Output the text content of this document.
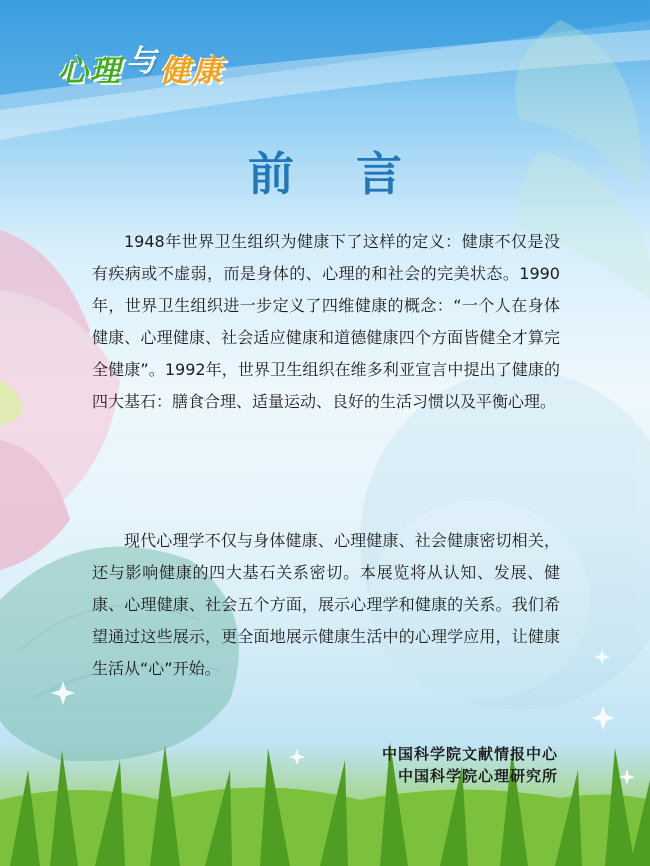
心理 与 健康
前言

1948年世界卫生组织为健康下了这样的定义：健康不仅是没有疾病或不虚弱，而是身体的、心理的和社会的完美状态。1990年，世界卫生组织进一步定义了四维健康的概念：“一个人在身体健康、心理健康、社会适应健康和道德健康四个方面皆健全才算完全健康”。1992年，世界卫生组织在维多利亚宣言中提出了健康的四大基石：膳食合理、适量运动、良好的生活习惯以及平衡心理。

现代心理学不仅与身体健康、心理健康、社会健康密切相关，还与影响健康的四大基石关系密切。本展览将从认知、发展、健康、心理健康、社会五个方面，展示心理学和健康的关系。我们希望通过这些展示，更全面地展示健康生活中的心理学应用，让健康生活从“心”开始。

中国科学院文献情报中心
中国科学院心理研究所
